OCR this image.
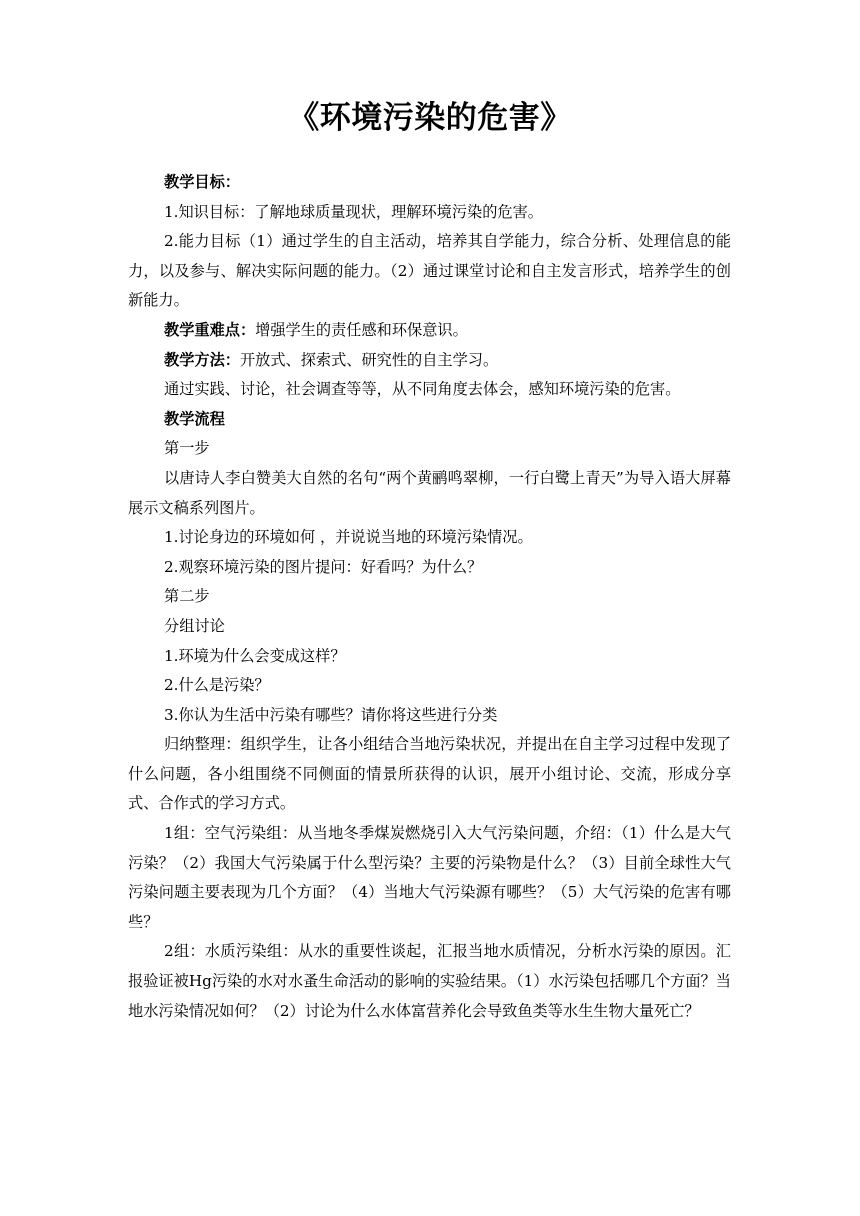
《环境污染的危害》

教学目标：

1.知识目标：了解地球质量现状，理解环境污染的危害。

2.能力目标（1）通过学生的自主活动，培养其自学能力，综合分析、处理信息的能力，以及参与、解决实际问题的能力。（2）通过课堂讨论和自主发言形式，培养学生的创新能力。

教学重难点：增强学生的责任感和环保意识。

教学方法：开放式、探索式、研究性的自主学习。

通过实践、讨论，社会调查等等，从不同角度去体会，感知环境污染的危害。

教学流程

第一步

以唐诗人李白赞美大自然的名句“两个黄鹂鸣翠柳，一行白鹭上青天”为导入语大屏幕展示文稿系列图片。

1.讨论身边的环境如何 ，并说说当地的环境污染情况。

2.观察环境污染的图片提问：好看吗？为什么？

第二步

分组讨论

1.环境为什么会变成这样？

2.什么是污染？

3.你认为生活中污染有哪些？请你将这些进行分类

归纳整理：组织学生，让各小组结合当地污染状况，并提出在自主学习过程中发现了什么问题，各小组围绕不同侧面的情景所获得的认识，展开小组讨论、交流，形成分享式、合作式的学习方式。

1组：空气污染组：从当地冬季煤炭燃烧引入大气污染问题，介绍：（1）什么是大气污染？（2）我国大气污染属于什么型污染？主要的污染物是什么？（3）目前全球性大气污染问题主要表现为几个方面？（4）当地大气污染源有哪些？（5）大气污染的危害有哪些？

2组：水质污染组：从水的重要性谈起，汇报当地水质情况，分析水污染的原因。汇报验证被Hg污染的水对水蚤生命活动的影响的实验结果。（1）水污染包括哪几个方面？当地水污染情况如何？（2）讨论为什么水体富营养化会导致鱼类等水生生物大量死亡？
